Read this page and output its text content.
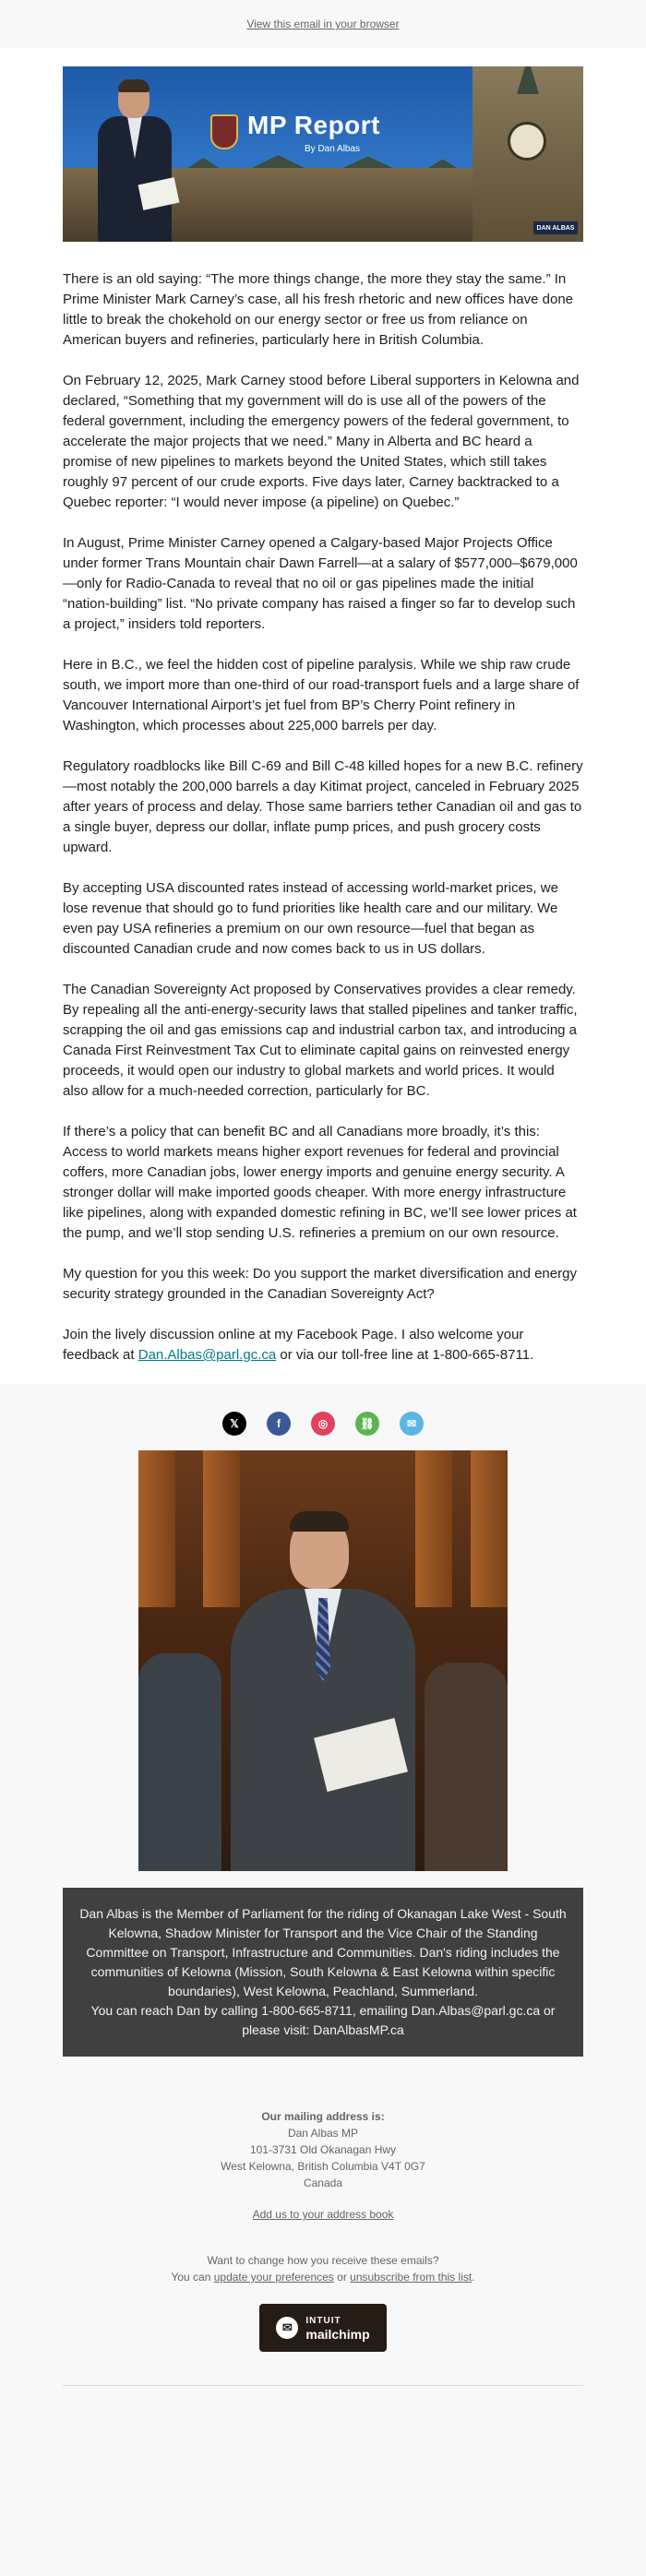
View this email in your browser
MP Report
By Dan Albas
DAN ALBAS

There is an old saying: “The more things change, the more they stay the same.” In Prime Minister Mark Carney’s case, all his fresh rhetoric and new offices have done little to break the chokehold on our energy sector or free us from reliance on American buyers and refineries, particularly here in British Columbia.

On February 12, 2025, Mark Carney stood before Liberal supporters in Kelowna and declared, “Something that my government will do is use all of the powers of the federal government, including the emergency powers of the federal government, to accelerate the major projects that we need.” Many in Alberta and BC heard a promise of new pipelines to markets beyond the United States, which still takes roughly 97 percent of our crude exports. Five days later, Carney backtracked to a Quebec reporter: “I would never impose (a pipeline) on Quebec.”

In August, Prime Minister Carney opened a Calgary-based Major Projects Office under former Trans Mountain chair Dawn Farrell—at a salary of $577,000–$679,000—only for Radio-Canada to reveal that no oil or gas pipelines made the initial “nation-building” list. “No private company has raised a finger so far to develop such a project,” insiders told reporters.

Here in B.C., we feel the hidden cost of pipeline paralysis. While we ship raw crude south, we import more than one-third of our road-transport fuels and a large share of Vancouver International Airport’s jet fuel from BP’s Cherry Point refinery in Washington, which processes about 225,000 barrels per day.

Regulatory roadblocks like Bill C-69 and Bill C-48 killed hopes for a new B.C. refinery—most notably the 200,000 barrels a day Kitimat project, canceled in February 2025 after years of process and delay. Those same barriers tether Canadian oil and gas to a single buyer, depress our dollar, inflate pump prices, and push grocery costs upward.

By accepting USA discounted rates instead of accessing world-market prices, we lose revenue that should go to fund priorities like health care and our military. We even pay USA refineries a premium on our own resource—fuel that began as discounted Canadian crude and now comes back to us in US dollars.

The Canadian Sovereignty Act proposed by Conservatives provides a clear remedy. By repealing all the anti-energy-security laws that stalled pipelines and tanker traffic, scrapping the oil and gas emissions cap and industrial carbon tax, and introducing a Canada First Reinvestment Tax Cut to eliminate capital gains on reinvested energy proceeds, it would open our industry to global markets and world prices. It would also allow for a much-needed correction, particularly for BC.

If there’s a policy that can benefit BC and all Canadians more broadly, it’s this: Access to world markets means higher export revenues for federal and provincial coffers, more Canadian jobs, lower energy imports and genuine energy security. A stronger dollar will make imported goods cheaper. With more energy infrastructure like pipelines, along with expanded domestic refining in BC, we’ll see lower prices at the pump, and we’ll stop sending U.S. refineries a premium on our own resource.

My question for you this week: Do you support the market diversification and energy security strategy grounded in the Canadian Sovereignty Act?

Join the lively discussion online at my Facebook Page. I also welcome your feedback at Dan.Albas@parl.gc.ca or via our toll-free line at 1-800-665-8711.

𝕏	f	◎	⛓	✉

Dan Albas is the Member of Parliament for the riding of Okanagan Lake West - South Kelowna, Shadow Minister for Transport and the Vice Chair of the Standing Committee on Transport, Infrastructure and Communities. Dan's riding includes the communities of Kelowna (Mission, South Kelowna & East Kelowna within specific boundaries), West Kelowna, Peachland, Summerland.

You can reach Dan by calling 1-800-665-8711, emailing Dan.Albas@parl.gc.ca or please visit: DanAlbasMP.ca

Our mailing address is:
Dan Albas MP
101-3731 Old Okanagan Hwy
West Kelowna, British Columbia V4T 0G7
Canada
Add us to your address book
Want to change how you receive these emails?
You can update your preferences or unsubscribe from this list.
✉	INTUIT
mailchimp
